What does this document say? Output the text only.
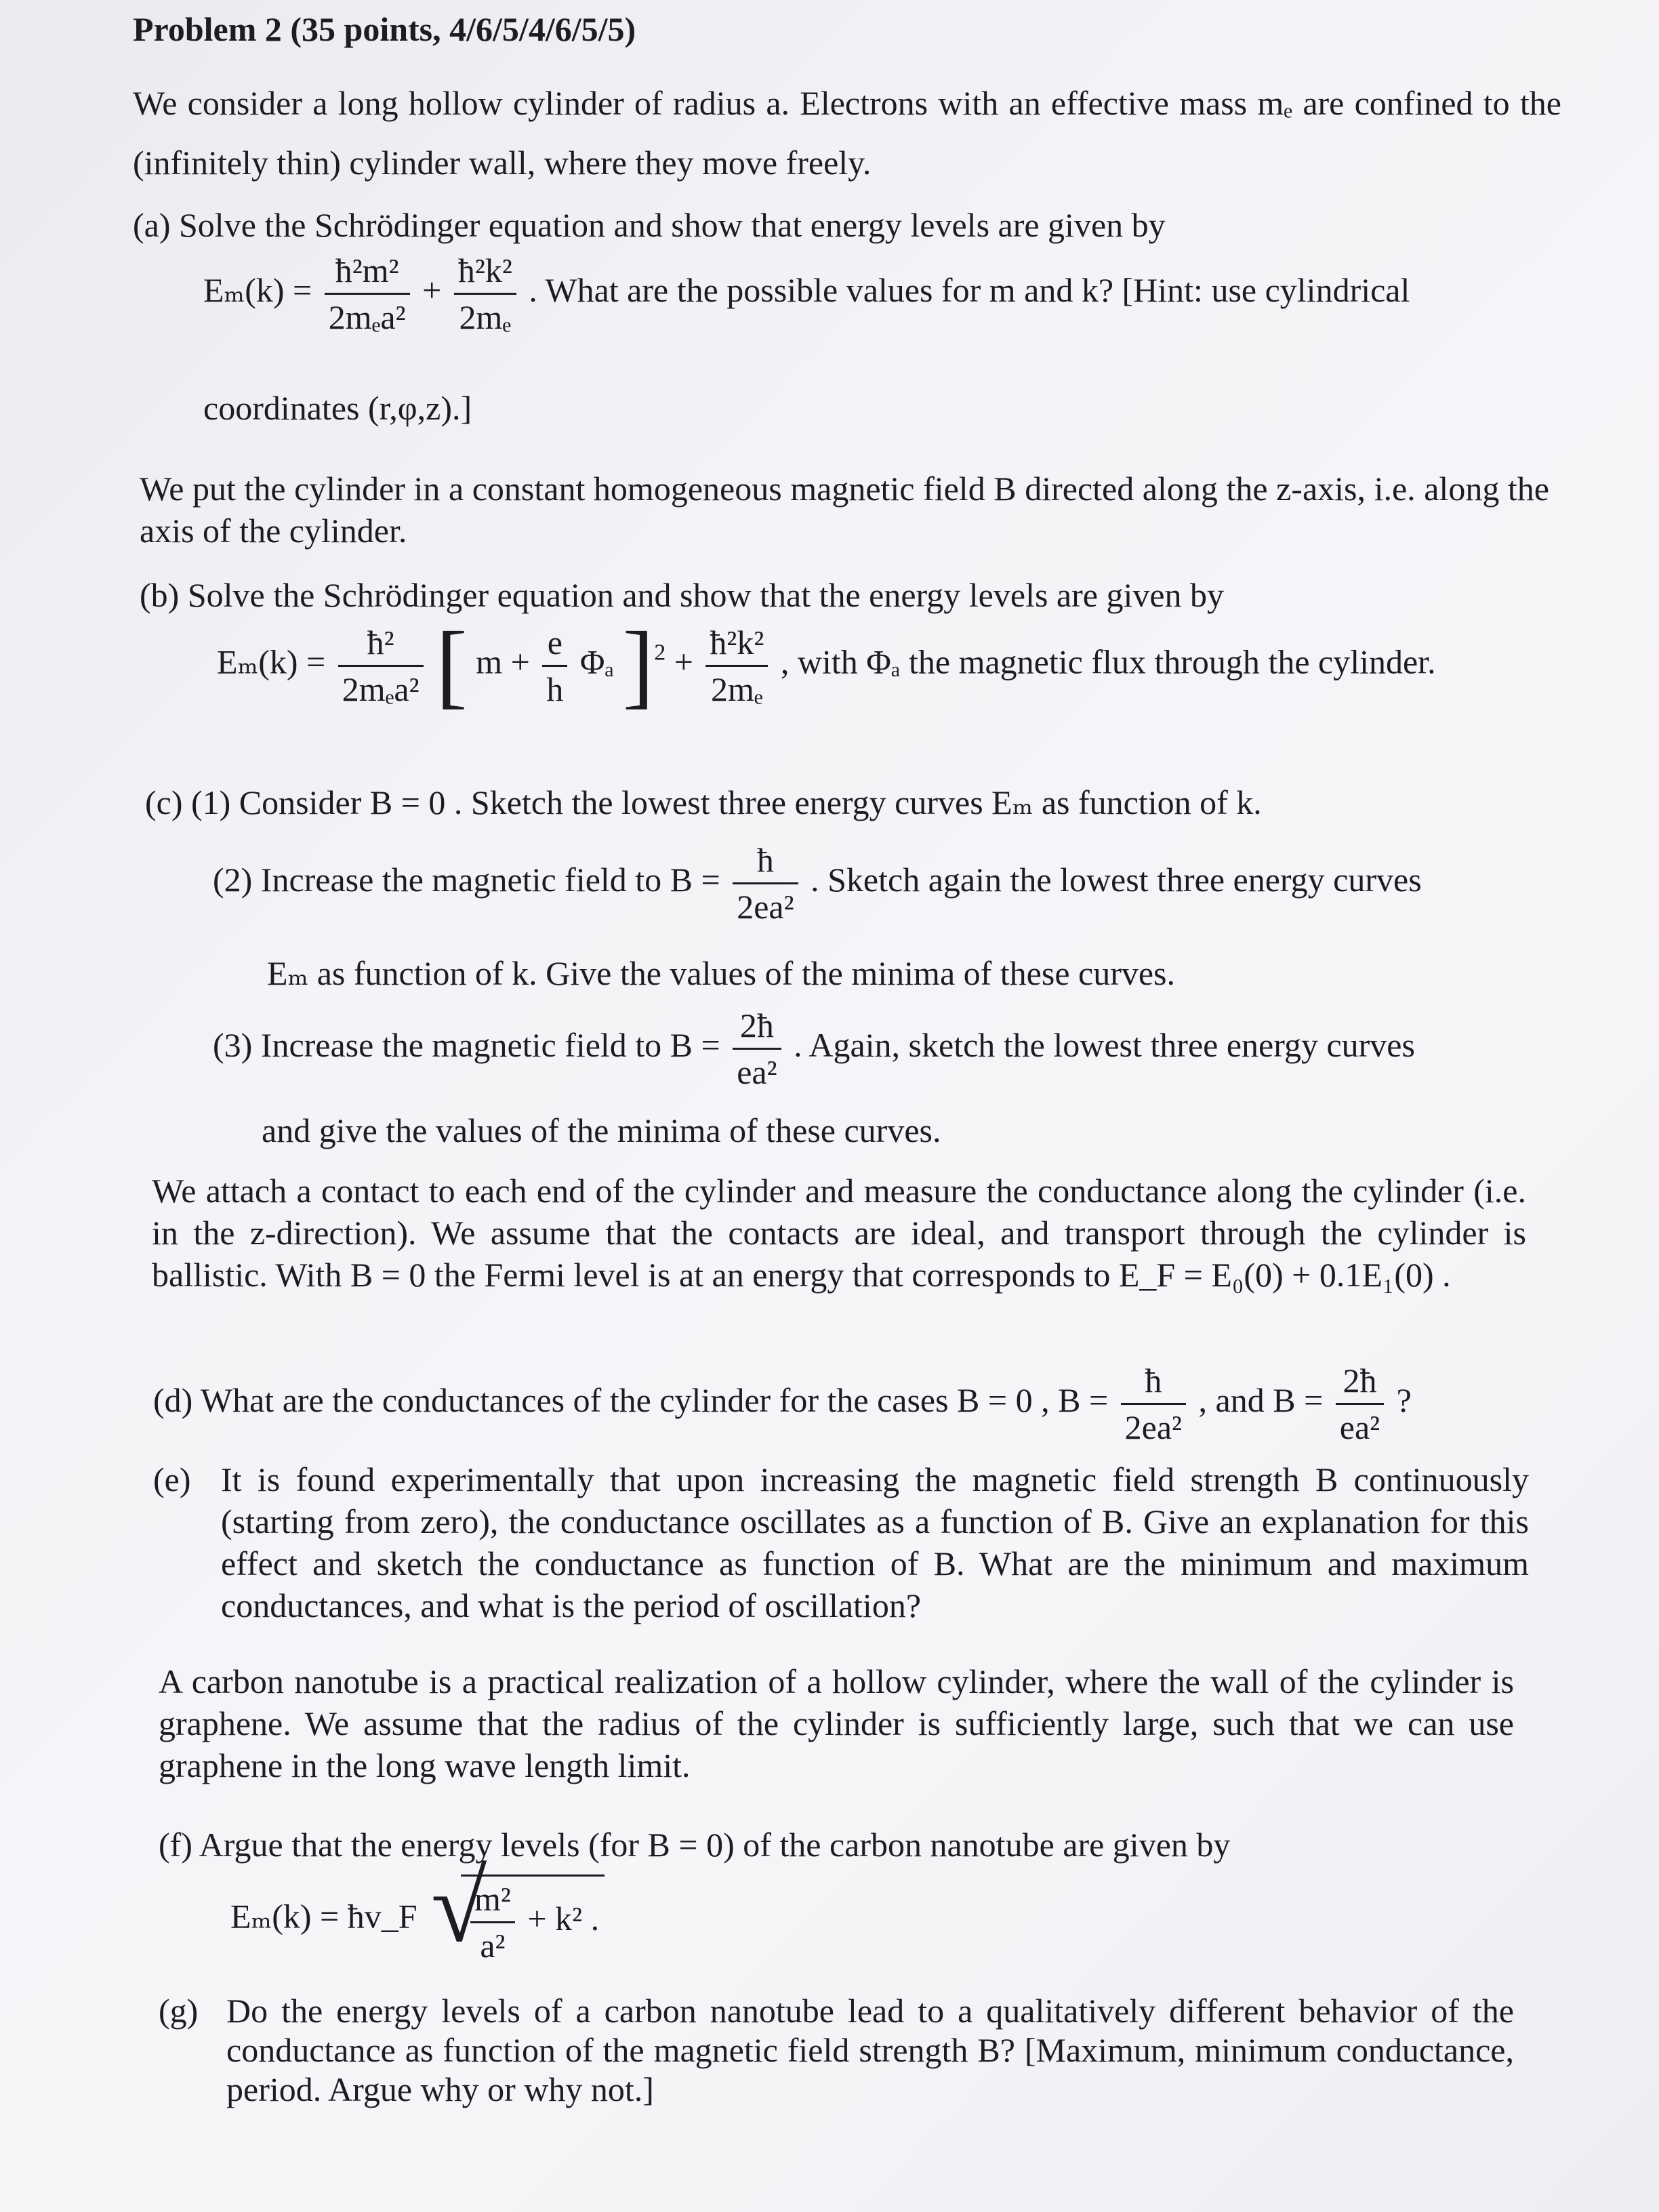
Problem 2 (35 points, 4/6/5/4/6/5/5)
We consider a long hollow cylinder of radius a. Electrons with an effective mass mₑ are confined to the (infinitely thin) cylinder wall, where they move freely.
(a) Solve the Schrödinger equation and show that energy levels are given by
$E_m(k) = \frac{\text{ħ²m²}}{\text{2mₑa²}} + \frac{\text{ħ²k²}}{\text{2mₑ}}$ . What are the possible values for m and k? [Hint: use cylindrical
coordinates (r,φ,z).]
We put the cylinder in a constant homogeneous magnetic field B directed along the z-axis, i.e. along the axis of the cylinder.
(b) Solve the Schrödinger equation and show that the energy levels are given by
$E_m(k) = \frac{\text{ħ²}}{\text{2mₑa²}}$ [ $m + \frac{e}{h}$ Φₐ ]$^2 + \frac{\text{ħ²k²}}{\text{2mₑ}}$ , with Φₐ the magnetic flux through the cylinder.
(c) (1) Consider B = 0 . Sketch the lowest three energy curves Eₘ as function of k.
(2) Increase the magnetic field to $B = \frac{ħ}{\text{2ea²}}$ . Sketch again the lowest three energy curves
Eₘ as function of k. Give the values of the minima of these curves.
(3) Increase the magnetic field to $B = \frac{2ħ}{\text{ea²}}$ . Again, sketch the lowest three energy curves
and give the values of the minima of these curves.
We attach a contact to each end of the cylinder and measure the conductance along the cylinder (i.e. in the z-direction). We assume that the contacts are ideal, and transport through the cylinder is ballistic. With B = 0 the Fermi level is at an energy that corresponds to E_F = E₀(0) + 0.1E₁(0) .
(d) What are the conductances of the cylinder for the cases B = 0 , $B = \frac{ħ}{\text{2ea²}}$ , and $B = \frac{2ħ}{\text{ea²}}$ ?
(e) It is found experimentally that upon increasing the magnetic field strength B continuously (starting from zero), the conductance oscillates as a function of B. Give an explanation for this effect and sketch the conductance as function of B. What are the minimum and maximum conductances, and what is the period of oscillation?
A carbon nanotube is a practical realization of a hollow cylinder, where the wall of the cylinder is graphene. We assume that the radius of the cylinder is sufficiently large, such that we can use graphene in the long wave length limit.
(f) Argue that the energy levels (for B = 0) of the carbon nanotube are given by
Eₘ(k) = ħv_F √ $\frac{\text{m²}}{\text{a²}} + k^2$ .
(g) Do the energy levels of a carbon nanotube lead to a qualitatively different behavior of the conductance as function of the magnetic field strength B? [Maximum, minimum conductance, period. Argue why or why not.]
